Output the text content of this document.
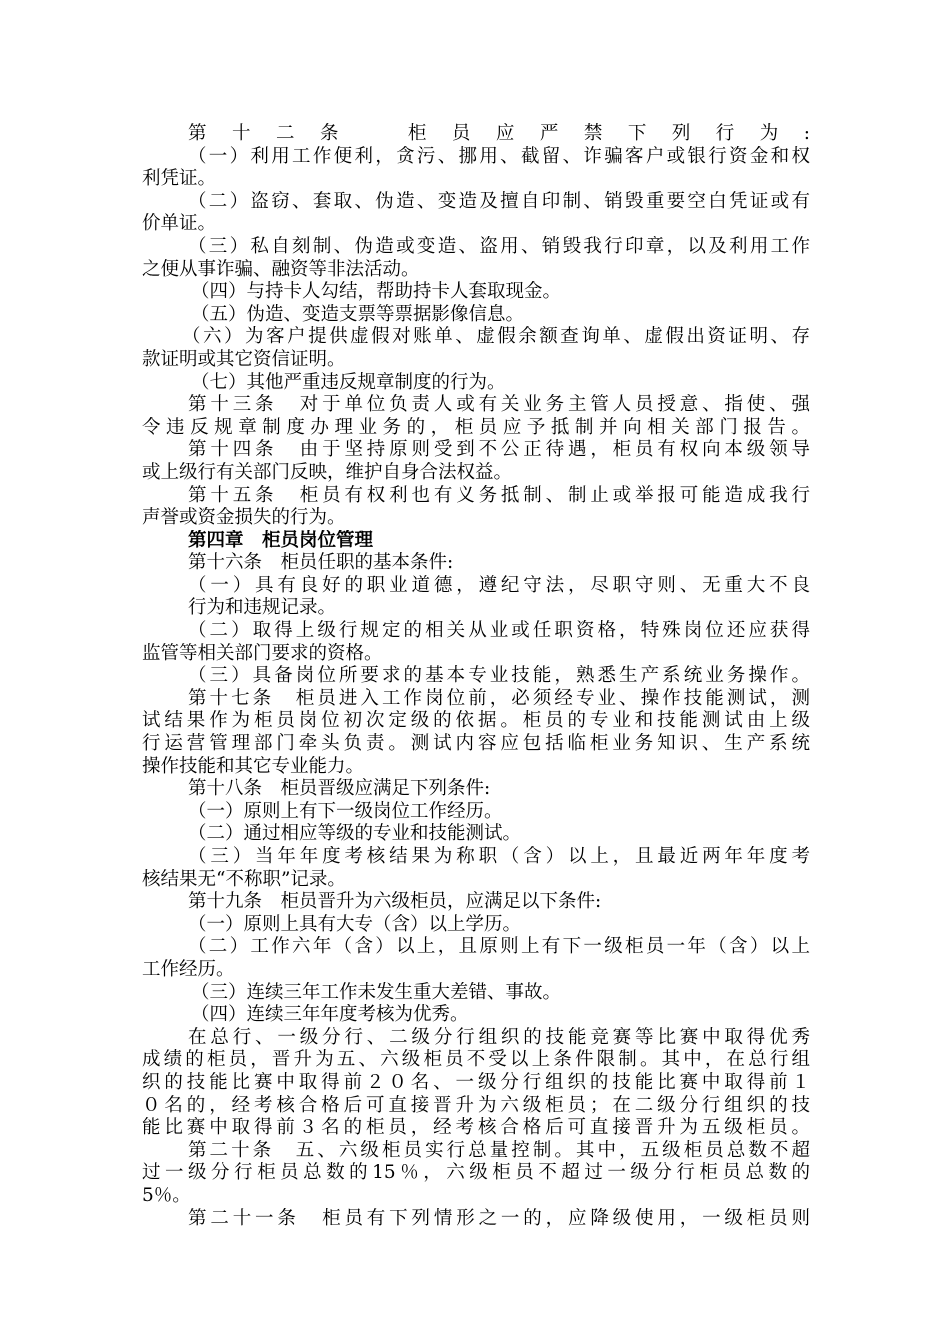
第十二条　柜员应严禁下列行为:
（一）利用工作便利，贪污、挪用、截留、诈骗客户或银行资金和权
利凭证。
（二）盗窃、套取、伪造、变造及擅自印制、销毁重要空白凭证或有
价单证。
（三）私自刻制、伪造或变造、盗用、销毁我行印章，以及利用工作
之便从事诈骗、融资等非法活动。
（四）与持卡人勾结，帮助持卡人套取现金。
（五）伪造、变造支票等票据影像信息。
（六）为客户提供虚假对账单、虚假余额查询单、虚假出资证明、存
款证明或其它资信证明。
（七）其他严重违反规章制度的行为。
第十三条　对于单位负责人或有关业务主管人员授意、指使、强
令违反规章制度办理业务的，柜员应予抵制并向相关部门报告。
第十四条　由于坚持原则受到不公正待遇，柜员有权向本级领导
或上级行有关部门反映，维护自身合法权益。
第十五条　柜员有权利也有义务抵制、制止或举报可能造成我行
声誉或资金损失的行为。
第四章　柜员岗位管理
第十六条　柜员任职的基本条件:
（一）具有良好的职业道德，遵纪守法，尽职守则、无重大不良
行为和违规记录。
（二）取得上级行规定的相关从业或任职资格，特殊岗位还应获得
监管等相关部门要求的资格。
（三）具备岗位所要求的基本专业技能，熟悉生产系统业务操作。
第十七条　柜员进入工作岗位前，必须经专业、操作技能测试，测
试结果作为柜员岗位初次定级的依据。柜员的专业和技能测试由上级
行运营管理部门牵头负责。测试内容应包括临柜业务知识、生产系统
操作技能和其它专业能力。
第十八条　柜员晋级应满足下列条件:
（一）原则上有下一级岗位工作经历。
（二）通过相应等级的专业和技能测试。
（三）当年年度考核结果为称职（含）以上，且最近两年年度考
核结果无“不称职”记录。
第十九条　柜员晋升为六级柜员，应满足以下条件:
（一）原则上具有大专（含）以上学历。
（二）工作六年（含）以上，且原则上有下一级柜员一年（含）以上
工作经历。
（三）连续三年工作未发生重大差错、事故。
（四）连续三年年度考核为优秀。
在总行、一级分行、二级分行组织的技能竞赛等比赛中取得优秀
成绩的柜员，晋升为五、六级柜员不受以上条件限制。其中，在总行组
织的技能比赛中取得前２０名、一级分行组织的技能比赛中取得前１
０名的，经考核合格后可直接晋升为六级柜员；在二级分行组织的技
能比赛中取得前３名的柜员，经考核合格后可直接晋升为五级柜员。
第二十条　五、六级柜员实行总量控制。其中，五级柜员总数不超
过一级分行柜员总数的15％，六级柜员不超过一级分行柜员总数的
5％。
第二十一条　柜员有下列情形之一的，应降级使用，一级柜员则
